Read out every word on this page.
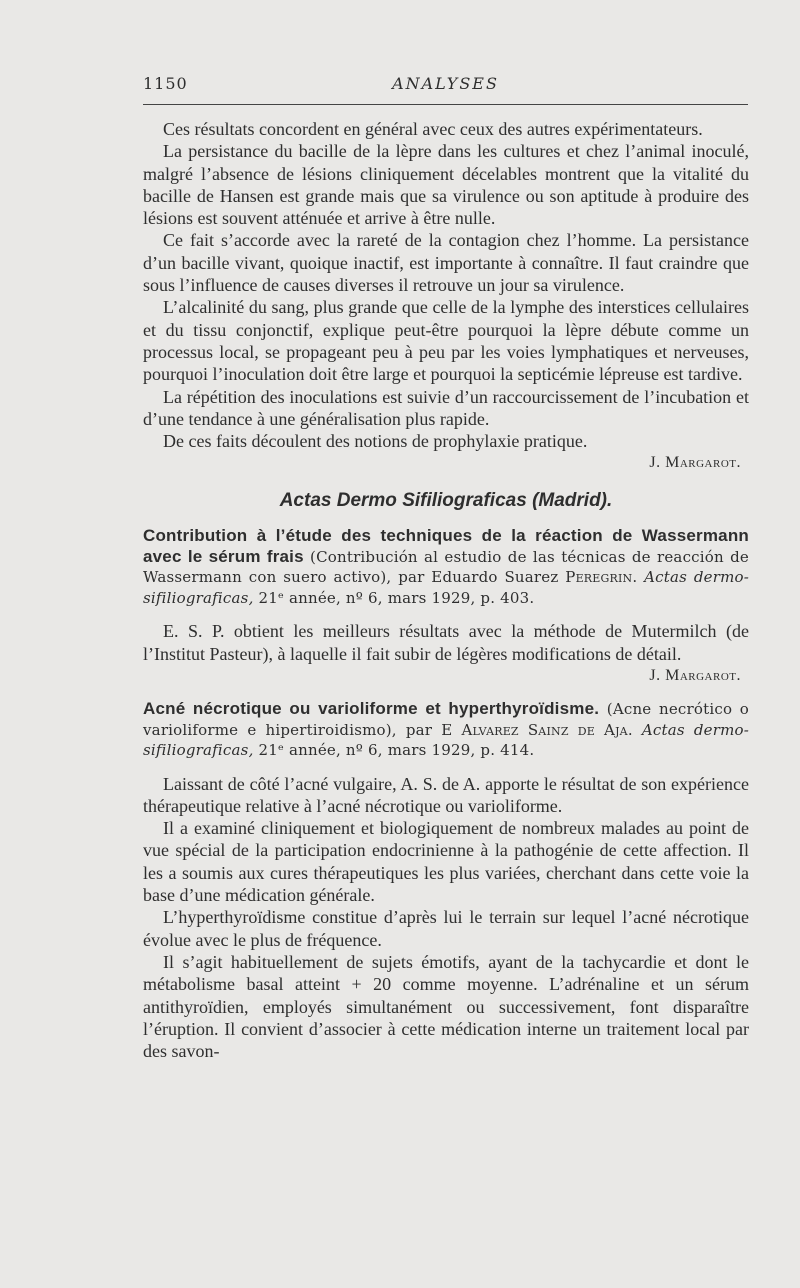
1150	ANALYSES

Ces résultats concordent en général avec ceux des autres expérimentateurs.

La persistance du bacille de la lèpre dans les cultures et chez l’animal inoculé, malgré l’absence de lésions cliniquement décelables montrent que la vitalité du bacille de Hansen est grande mais que sa virulence ou son aptitude à produire des lésions est souvent atténuée et arrive à être nulle.

Ce fait s’accorde avec la rareté de la contagion chez l’homme. La persistance d’un bacille vivant, quoique inactif, est importante à connaître. Il faut craindre que sous l’influence de causes diverses il retrouve un jour sa virulence.

L’alcalinité du sang, plus grande que celle de la lymphe des interstices cellulaires et du tissu conjonctif, explique peut-être pourquoi la lèpre débute comme un processus local, se propageant peu à peu par les voies lymphatiques et nerveuses, pourquoi l’inoculation doit être large et pourquoi la septicémie lépreuse est tardive.

La répétition des inoculations est suivie d’un raccourcissement de l’incubation et d’une tendance à une généralisation plus rapide.

De ces faits découlent des notions de prophylaxie pratique.

J. Margarot.
Actas Dermo Sifiliograficas (Madrid).
Contribution à l’étude des techniques de la réaction de Wassermann avec le sérum frais (Contribución al estudio de las técnicas de reacción de Wassermann con suero activo), par Eduardo Suarez Peregrin. Actas dermo-sifiliograficas, 21ᵉ année, nº 6, mars 1929, p. 403.

E. S. P. obtient les meilleurs résultats avec la méthode de Mutermilch (de l’Institut Pasteur), à laquelle il fait subir de légères modifications de détail.

J. Margarot.
Acné nécrotique ou varioliforme et hyperthyroïdisme. (Acne necrótico o varioliforme e hipertiroidismo), par E Alvarez Sainz de Aja. Actas dermo-sifiliograficas, 21ᵉ année, nº 6, mars 1929, p. 414.

Laissant de côté l’acné vulgaire, A. S. de A. apporte le résultat de son expérience thérapeutique relative à l’acné nécrotique ou varioliforme.

Il a examiné cliniquement et biologiquement de nombreux malades au point de vue spécial de la participation endocrinienne à la pathogénie de cette affection. Il les a soumis aux cures thérapeutiques les plus variées, cherchant dans cette voie la base d’une médication générale.

L’hyperthyroïdisme constitue d’après lui le terrain sur lequel l’acné nécrotique évolue avec le plus de fréquence.

Il s’agit habituellement de sujets émotifs, ayant de la tachycardie et dont le métabolisme basal atteint + 20 comme moyenne. L’adrénaline et un sérum antithyroïdien, employés simultanément ou successivement, font disparaître l’éruption. Il convient d’associer à cette médication interne un traitement local par des savon-
